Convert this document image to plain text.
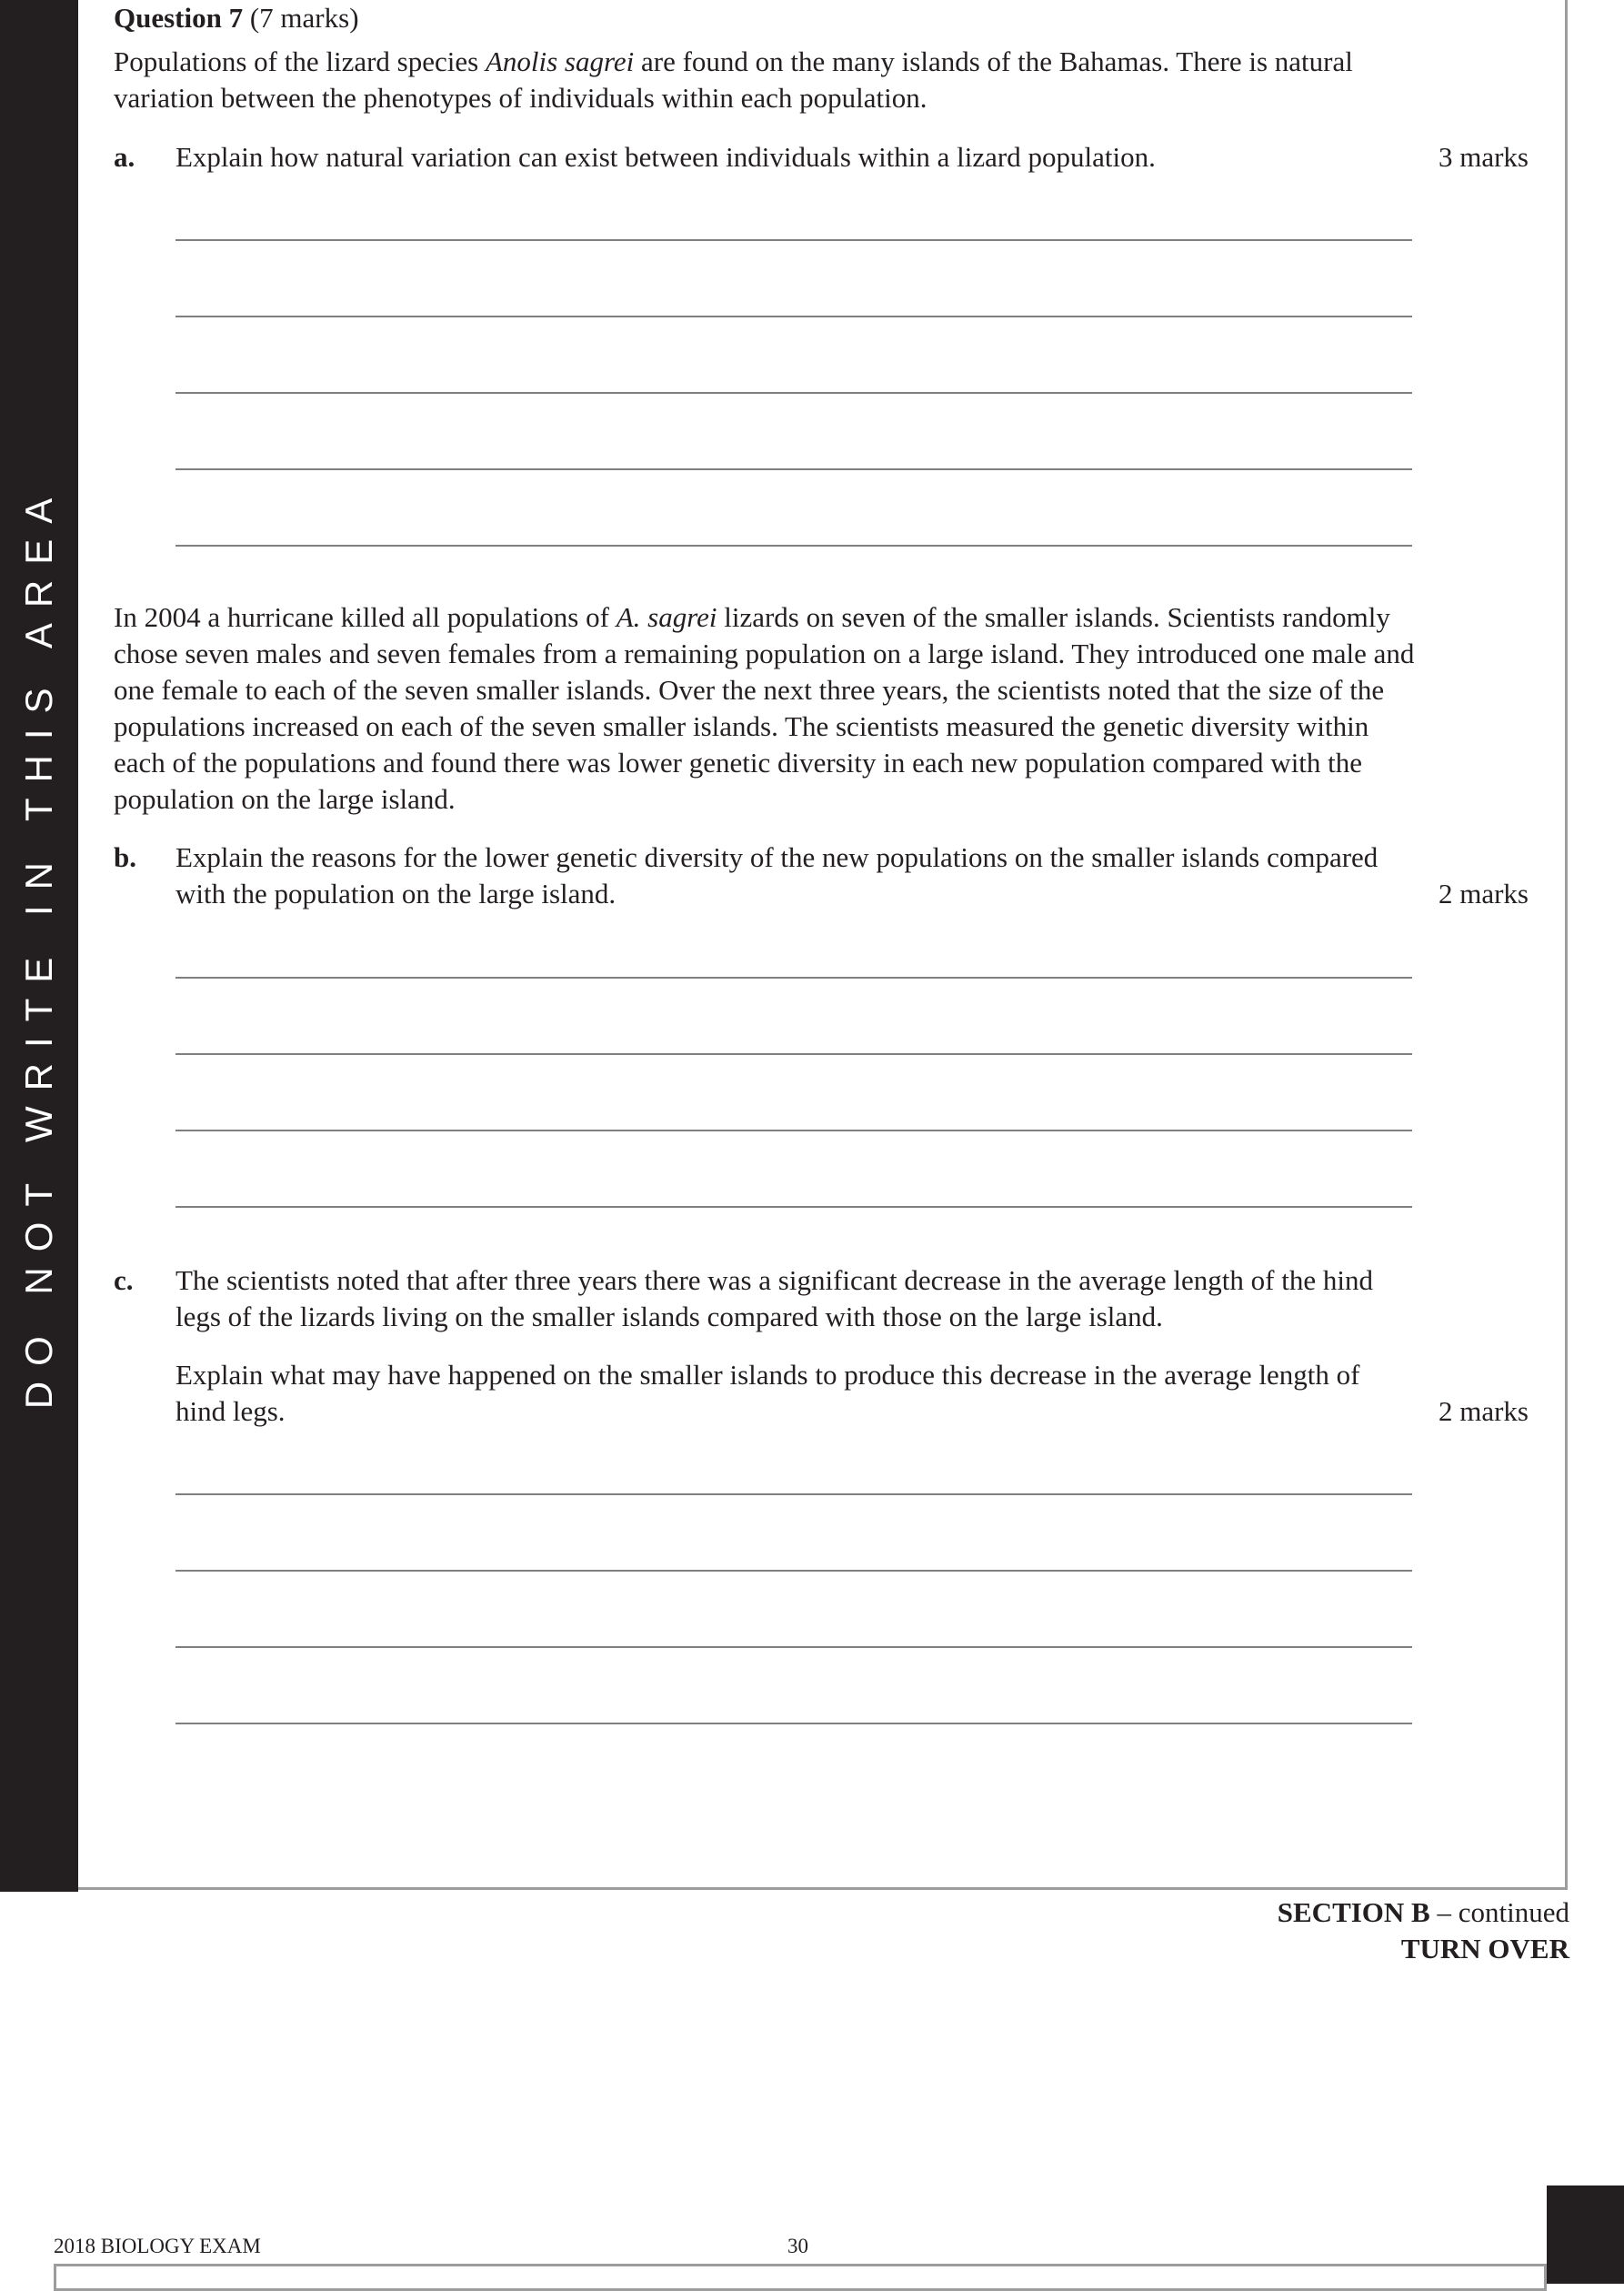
DO NOT WRITE IN THIS AREA

Question 7 (7 marks)

Populations of the lizard species Anolis sagrei are found on the many islands of the Bahamas. There is natural variation between the phenotypes of individuals within each population.

a. Explain how natural variation can exist between individuals within a lizard population.	3 marks

In 2004 a hurricane killed all populations of A. sagrei lizards on seven of the smaller islands. Scientists randomly chose seven males and seven females from a remaining population on a large island. They introduced one male and one female to each of the seven smaller islands. Over the next three years, the scientists noted that the size of the populations increased on each of the seven smaller islands. The scientists measured the genetic diversity within each of the populations and found there was lower genetic diversity in each new population compared with the population on the large island.

b. Explain the reasons for the lower genetic diversity of the new populations on the smaller islands compared with the population on the large island.	2 marks
c. The scientists noted that after three years there was a significant decrease in the average length of the hind legs of the lizards living on the smaller islands compared with those on the large island.

Explain what may have happened on the smaller islands to produce this decrease in the average length of hind legs.	2 marks
SECTION B – continued
TURN OVER
2018 BIOLOGY EXAM	30
